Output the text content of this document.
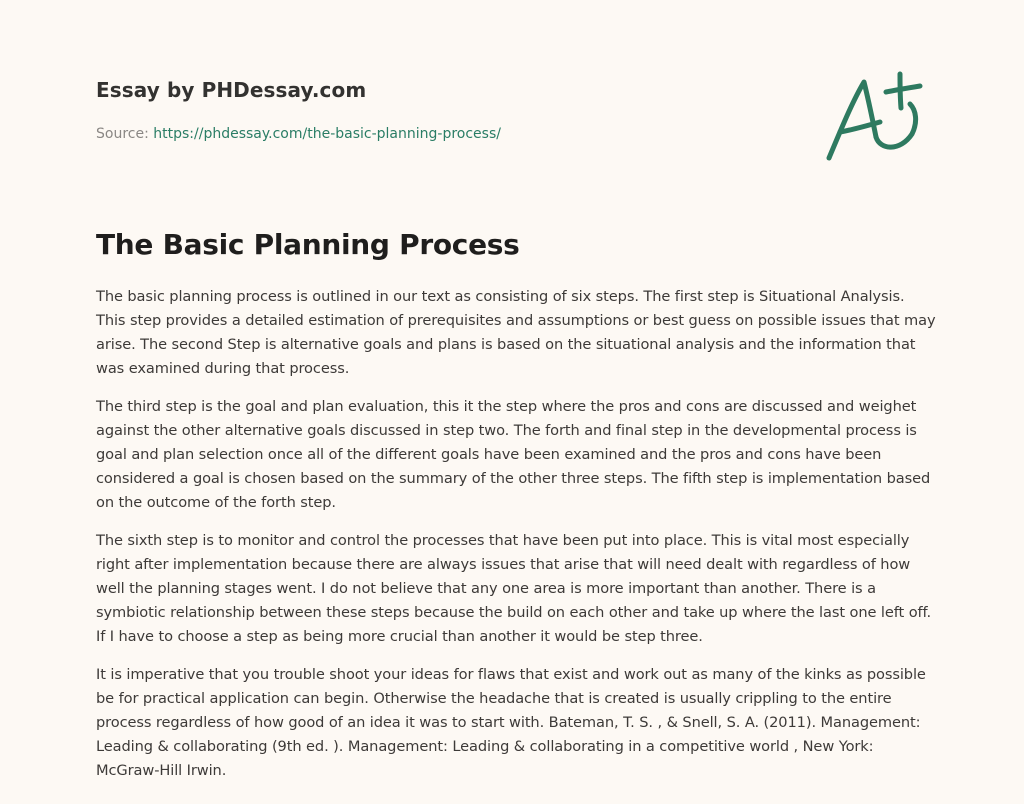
Essay by PHDessay.com
Source: https://phdessay.com/the-basic-planning-process/
The Basic Planning Process

The basic planning process is outlined in our text as consisting of six steps. The first step is Situational Analysis. This step provides a detailed estimation of prerequisites and assumptions or best guess on possible issues that may arise. The second Step is alternative goals and plans is based on the situational analysis and the information that was examined during that process.

The third step is the goal and plan evaluation, this it the step where the pros and cons are discussed and weighet against the other alternative goals discussed in step two. The forth and final step in the developmental process is goal and plan selection once all of the different goals have been examined and the pros and cons have been considered a goal is chosen based on the summary of the other three steps. The fifth step is implementation based on the outcome of the forth step.

The sixth step is to monitor and control the processes that have been put into place. This is vital most especially right after implementation because there are always issues that arise that will need dealt with regardless of how well the planning stages went. I do not believe that any one area is more important than another. There is a symbiotic relationship between these steps because the build on each other and take up where the last one left off. If I have to choose a step as being more crucial than another it would be step three.

It is imperative that you trouble shoot your ideas for flaws that exist and work out as many of the kinks as possible be for practical application can begin. Otherwise the headache that is created is usually crippling to the entire process regardless of how good of an idea it was to start with. Bateman, T. S. , & Snell, S. A. (2011). Management: Leading & collaborating (9th ed. ). Management: Leading & collaborating in a competitive world , New York: McGraw-Hill Irwin.
